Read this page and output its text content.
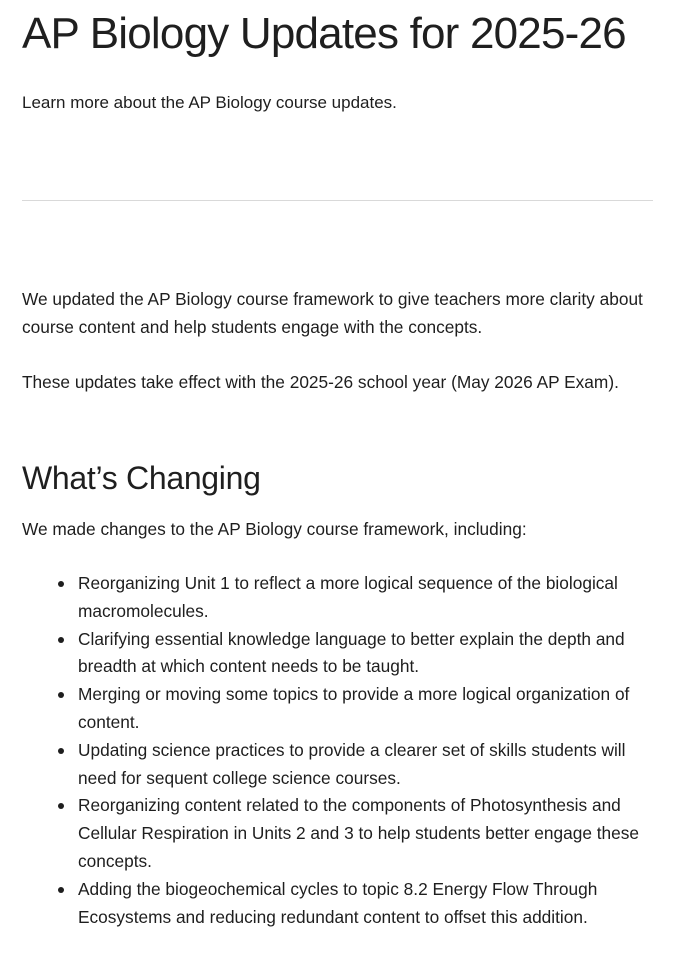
AP Biology Updates for 2025-26

Learn more about the AP Biology course updates.

We updated the AP Biology course framework to give teachers more clarity about course content and help students engage with the concepts.

These updates take effect with the 2025-26 school year (May 2026 AP Exam).

What’s Changing

We made changes to the AP Biology course framework, including:

Reorganizing Unit 1 to reflect a more logical sequence of the biological macromolecules.
Clarifying essential knowledge language to better explain the depth and breadth at which content needs to be taught.
Merging or moving some topics to provide a more logical organization of content.
Updating science practices to provide a clearer set of skills students will need for sequent college science courses.
Reorganizing content related to the components of Photosynthesis and Cellular Respiration in Units 2 and 3 to help students better engage these concepts.
Adding the biogeochemical cycles to topic 8.2 Energy Flow Through Ecosystems and reducing redundant content to offset this addition.
